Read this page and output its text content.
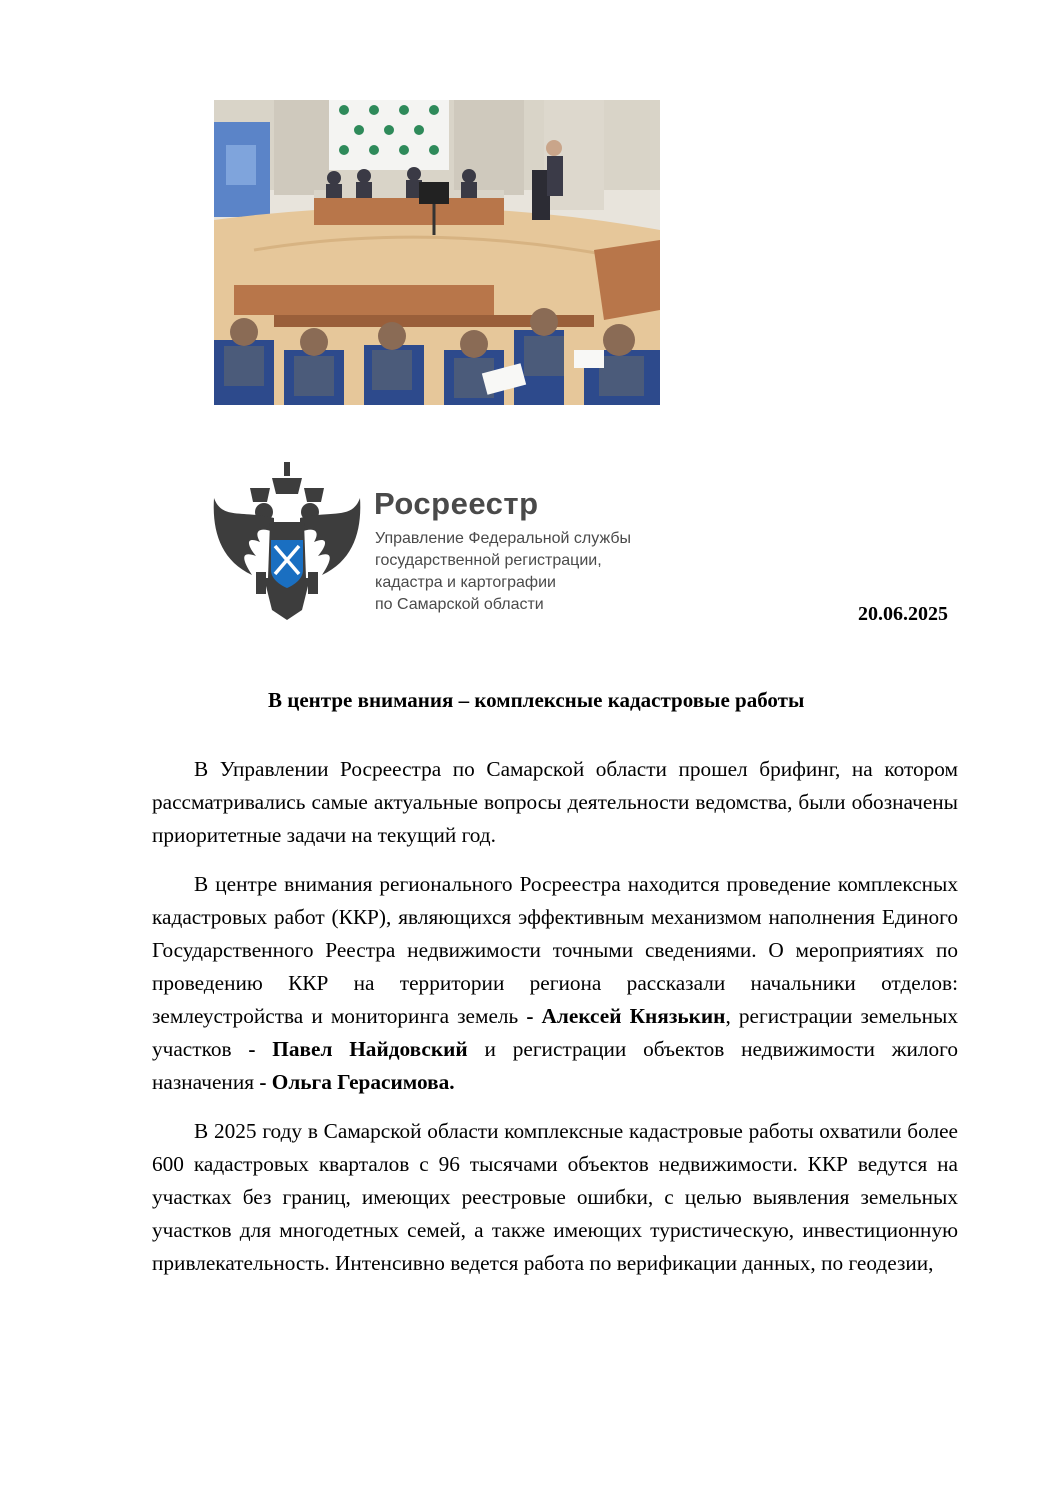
Росреестр
Управление Федеральной службы
государственной регистрации,
кадастра и картографии
по Самарской области	20.06.2025
В центре внимания – комплексные кадастровые работы

В Управлении Росреестра по Самарской области прошел брифинг, на котором рассматривались самые актуальные вопросы деятельности ведомства, были обозначены приоритетные задачи на текущий год.

В центре внимания регионального Росреестра находится проведение комплексных кадастровых работ (ККР), являющихся эффективным механизмом наполнения Единого Государственного Реестра недвижимости точными сведениями. О мероприятиях по проведению ККР на территории региона рассказали начальники отделов: землеустройства и мониторинга земель - Алексей Князькин, регистрации земельных участков - Павел Найдовский и регистрации объектов недвижимости жилого назначения - Ольга Герасимова.

В 2025 году в Самарской области комплексные кадастровые работы охватили более 600 кадастровых кварталов с 96 тысячами объектов недвижимости. ККР ведутся на участках без границ, имеющих реестровые ошибки, с целью выявления земельных участков для многодетных семей, а также имеющих туристическую, инвестиционную привлекательность. Интенсивно ведется работа по верификации данных, по геодезии,
